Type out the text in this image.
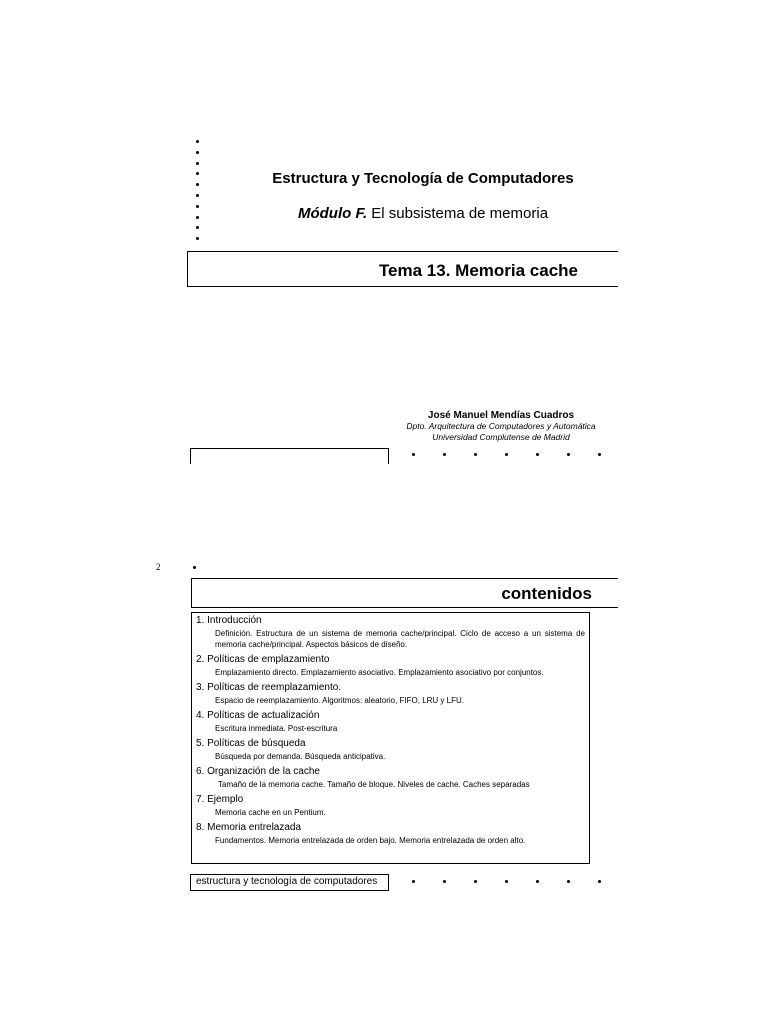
Estructura y Tecnología de Computadores
Módulo F. El subsistema de memoria
Tema 13. Memoria cache
José Manuel Mendías Cuadros
Dpto. Arquitectura de Computadores y Automática
Universidad Complutense de Madrid
2
contenidos

1. Introducción

Definición. Estructura de un sistema de memoria cache/principal. Ciclo de acceso a un sistema de memoria cache/principal. Aspectos básicos de diseño.

2. Políticas de emplazamiento

Emplazamiento directo. Emplazamiento asociativo. Emplazamiento asociativo por conjuntos.

3. Políticas de reemplazamiento.

Espacio de reemplazamiento. Algoritmos: aleatorio, FIFO, LRU y LFU.

4. Políticas de actualización

Escritura inmediata. Post-escritura

5. Políticas de búsqueda

Búsqueda por demanda. Búsqueda anticipativa.

6. Organización de la cache

Tamaño de la memoria cache. Tamaño de bloque. Niveles de cache. Caches separadas

7. Ejemplo

Memoria cache en un Pentium.

8. Memoria entrelazada

Fundamentos. Memoria entrelazada de orden bajo. Memoria entrelazada de orden alto.

estructura y tecnología de computadores
